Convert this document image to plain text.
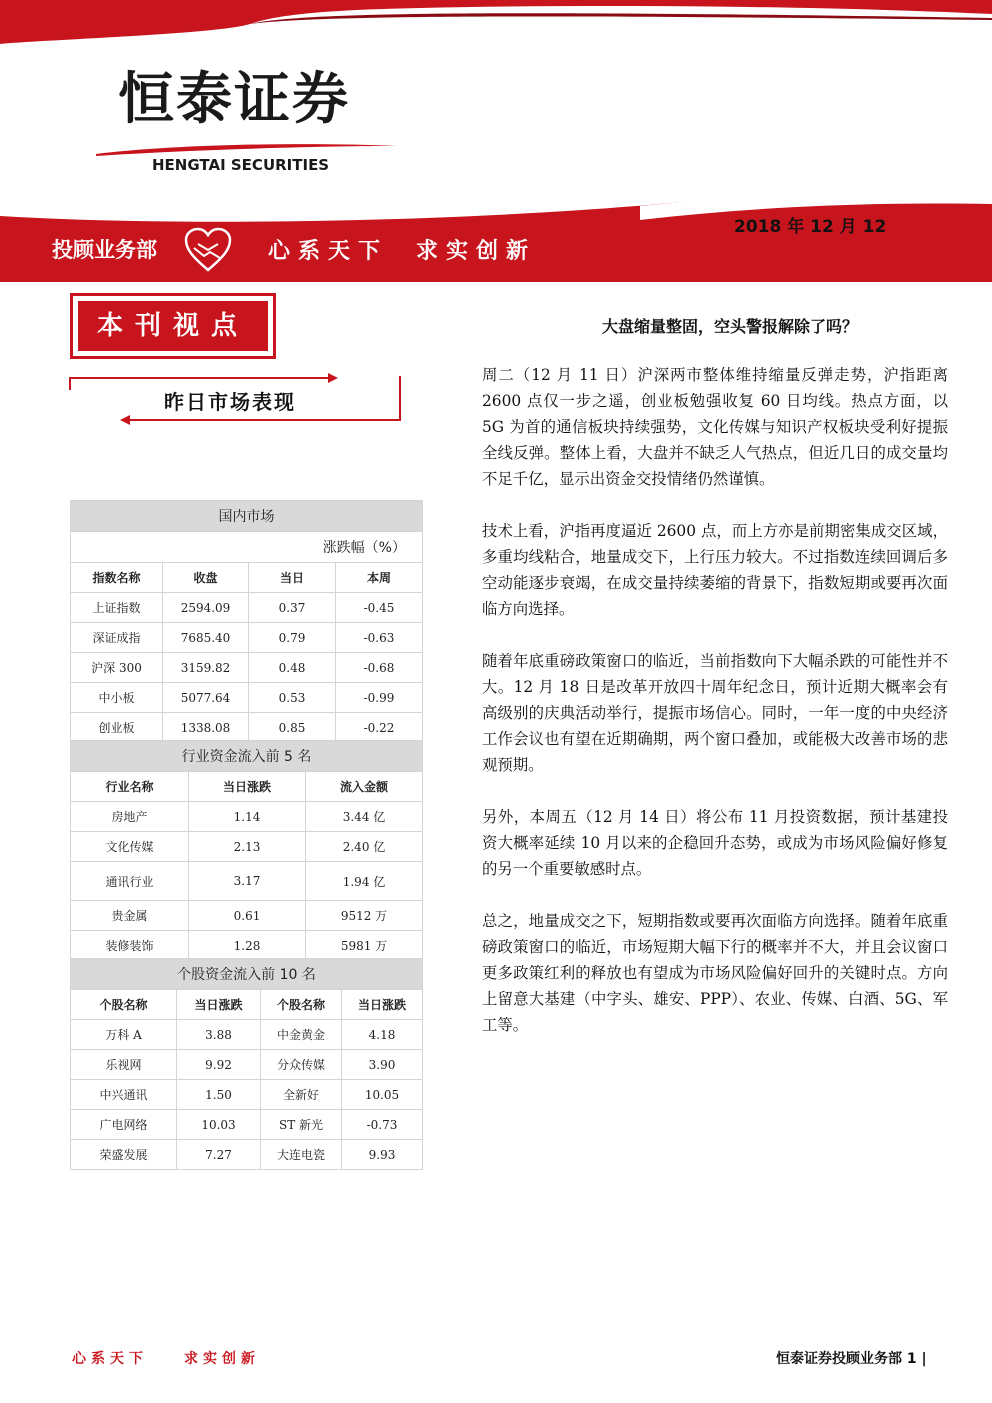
恒泰证券
HENGTAI SECURITIES
2018 年 12 月 12
投顾业务部	心系天下 求实创新
本刊视点
昨日市场表现
国内市场			
涨跌幅（%）			
指数名称	收盘	当日	本周
上证指数	2594.09	0.37	-0.45
深证成指	7685.40	0.79	-0.63
沪深 300	3159.82	0.48	-0.68
中小板	5077.64	0.53	-0.99
创业板	1338.08	0.85	-0.22
行业资金流入前 5 名		
行业名称	当日涨跌	流入金额
房地产	1.14	3.44 亿
文化传媒	2.13	2.40 亿
通讯行业	3.17	1.94 亿
贵金属	0.61	9512 万
装修装饰	1.28	5981 万
个股资金流入前 10 名			
个股名称	当日涨跌	个股名称	当日涨跌
万科 A	3.88	中金黄金	4.18
乐视网	9.92	分众传媒	3.90
中兴通讯	1.50	全新好	10.05
广电网络	10.03	ST 新光	-0.73
荣盛发展	7.27	大连电瓷	9.93
大盘缩量整固，空头警报解除了吗？

周二（12 月 11 日）沪深两市整体维持缩量反弹走势，沪指距离 2600 点仅一步之遥，创业板勉强收复 60 日均线。热点方面，以 5G 为首的通信板块持续强势，文化传媒与知识产权板块受利好提振全线反弹。整体上看，大盘并不缺乏人气热点，但近几日的成交量均不足千亿，显示出资金交投情绪仍然谨慎。

技术上看，沪指再度逼近 2600 点，而上方亦是前期密集成交区域，多重均线粘合，地量成交下，上行压力较大。不过指数连续回调后多空动能逐步衰竭，在成交量持续萎缩的背景下，指数短期或要再次面临方向选择。

随着年底重磅政策窗口的临近，当前指数向下大幅杀跌的可能性并不大。12 月 18 日是改革开放四十周年纪念日，预计近期大概率会有高级别的庆典活动举行，提振市场信心。同时，一年一度的中央经济工作会议也有望在近期确期，两个窗口叠加，或能极大改善市场的悲观预期。

另外，本周五（12 月 14 日）将公布 11 月投资数据，预计基建投资大概率延续 10 月以来的企稳回升态势，或成为市场风险偏好修复的另一个重要敏感时点。

总之，地量成交之下，短期指数或要再次面临方向选择。随着年底重磅政策窗口的临近，市场短期大幅下行的概率并不大，并且会议窗口更多政策红利的释放也有望成为市场风险偏好回升的关键时点。方向上留意大基建（中字头、雄安、PPP）、农业、传媒、白酒、5G、军工等。

心系天下	求实创新	恒泰证券投顾业务部 1 |
